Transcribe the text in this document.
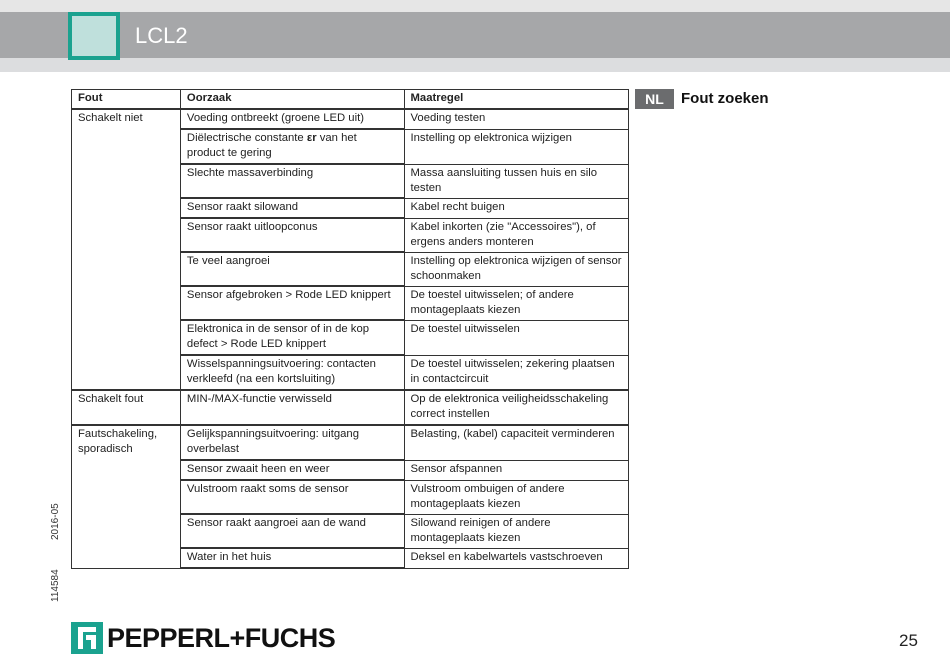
LCL2
Fout	Oorzaak	Maatregel
Schakelt niet	Voeding ontbreekt (groene LED uit)	Voeding testen
	Diëlectrische constante εr van het product te gering	Instelling op elektronica wijzigen
	Slechte massaverbinding	Massa aansluiting tussen huis en silo testen
	Sensor raakt silowand	Kabel recht buigen
	Sensor raakt uitloopconus	Kabel inkorten (zie "Accessoires"), of ergens anders monteren
	Te veel aangroei	Instelling op elektronica wijzigen of sensor schoonmaken
	Sensor afgebroken > Rode LED knippert	De toestel uitwisselen; of andere montageplaats kiezen
	Elektronica in de sensor of in de kop defect > Rode LED knippert	De toestel uitwisselen
	Wisselspanningsuitvoering: contacten verkleefd (na een kortsluiting)	De toestel uitwisselen; zekering plaatsen in contactcircuit
Schakelt fout	MIN-/MAX-functie verwisseld	Op de elektronica veiligheidsschakeling correct instellen
Fautschakeling, sporadisch	Gelijkspanningsuitvoering: uitgang overbelast	Belasting, (kabel) capaciteit verminderen
	Sensor zwaait heen en weer	Sensor afspannen
	Vulstroom raakt soms de sensor	Vulstroom ombuigen of andere montageplaats kiezen
	Sensor raakt aangroei aan de wand	Silowand reinigen of andere montageplaats kiezen
	Water in het huis	Deksel en kabelwartels vastschroeven
NL	Fout zoeken
2016-05
114584
PEPPERL+FUCHS	25
